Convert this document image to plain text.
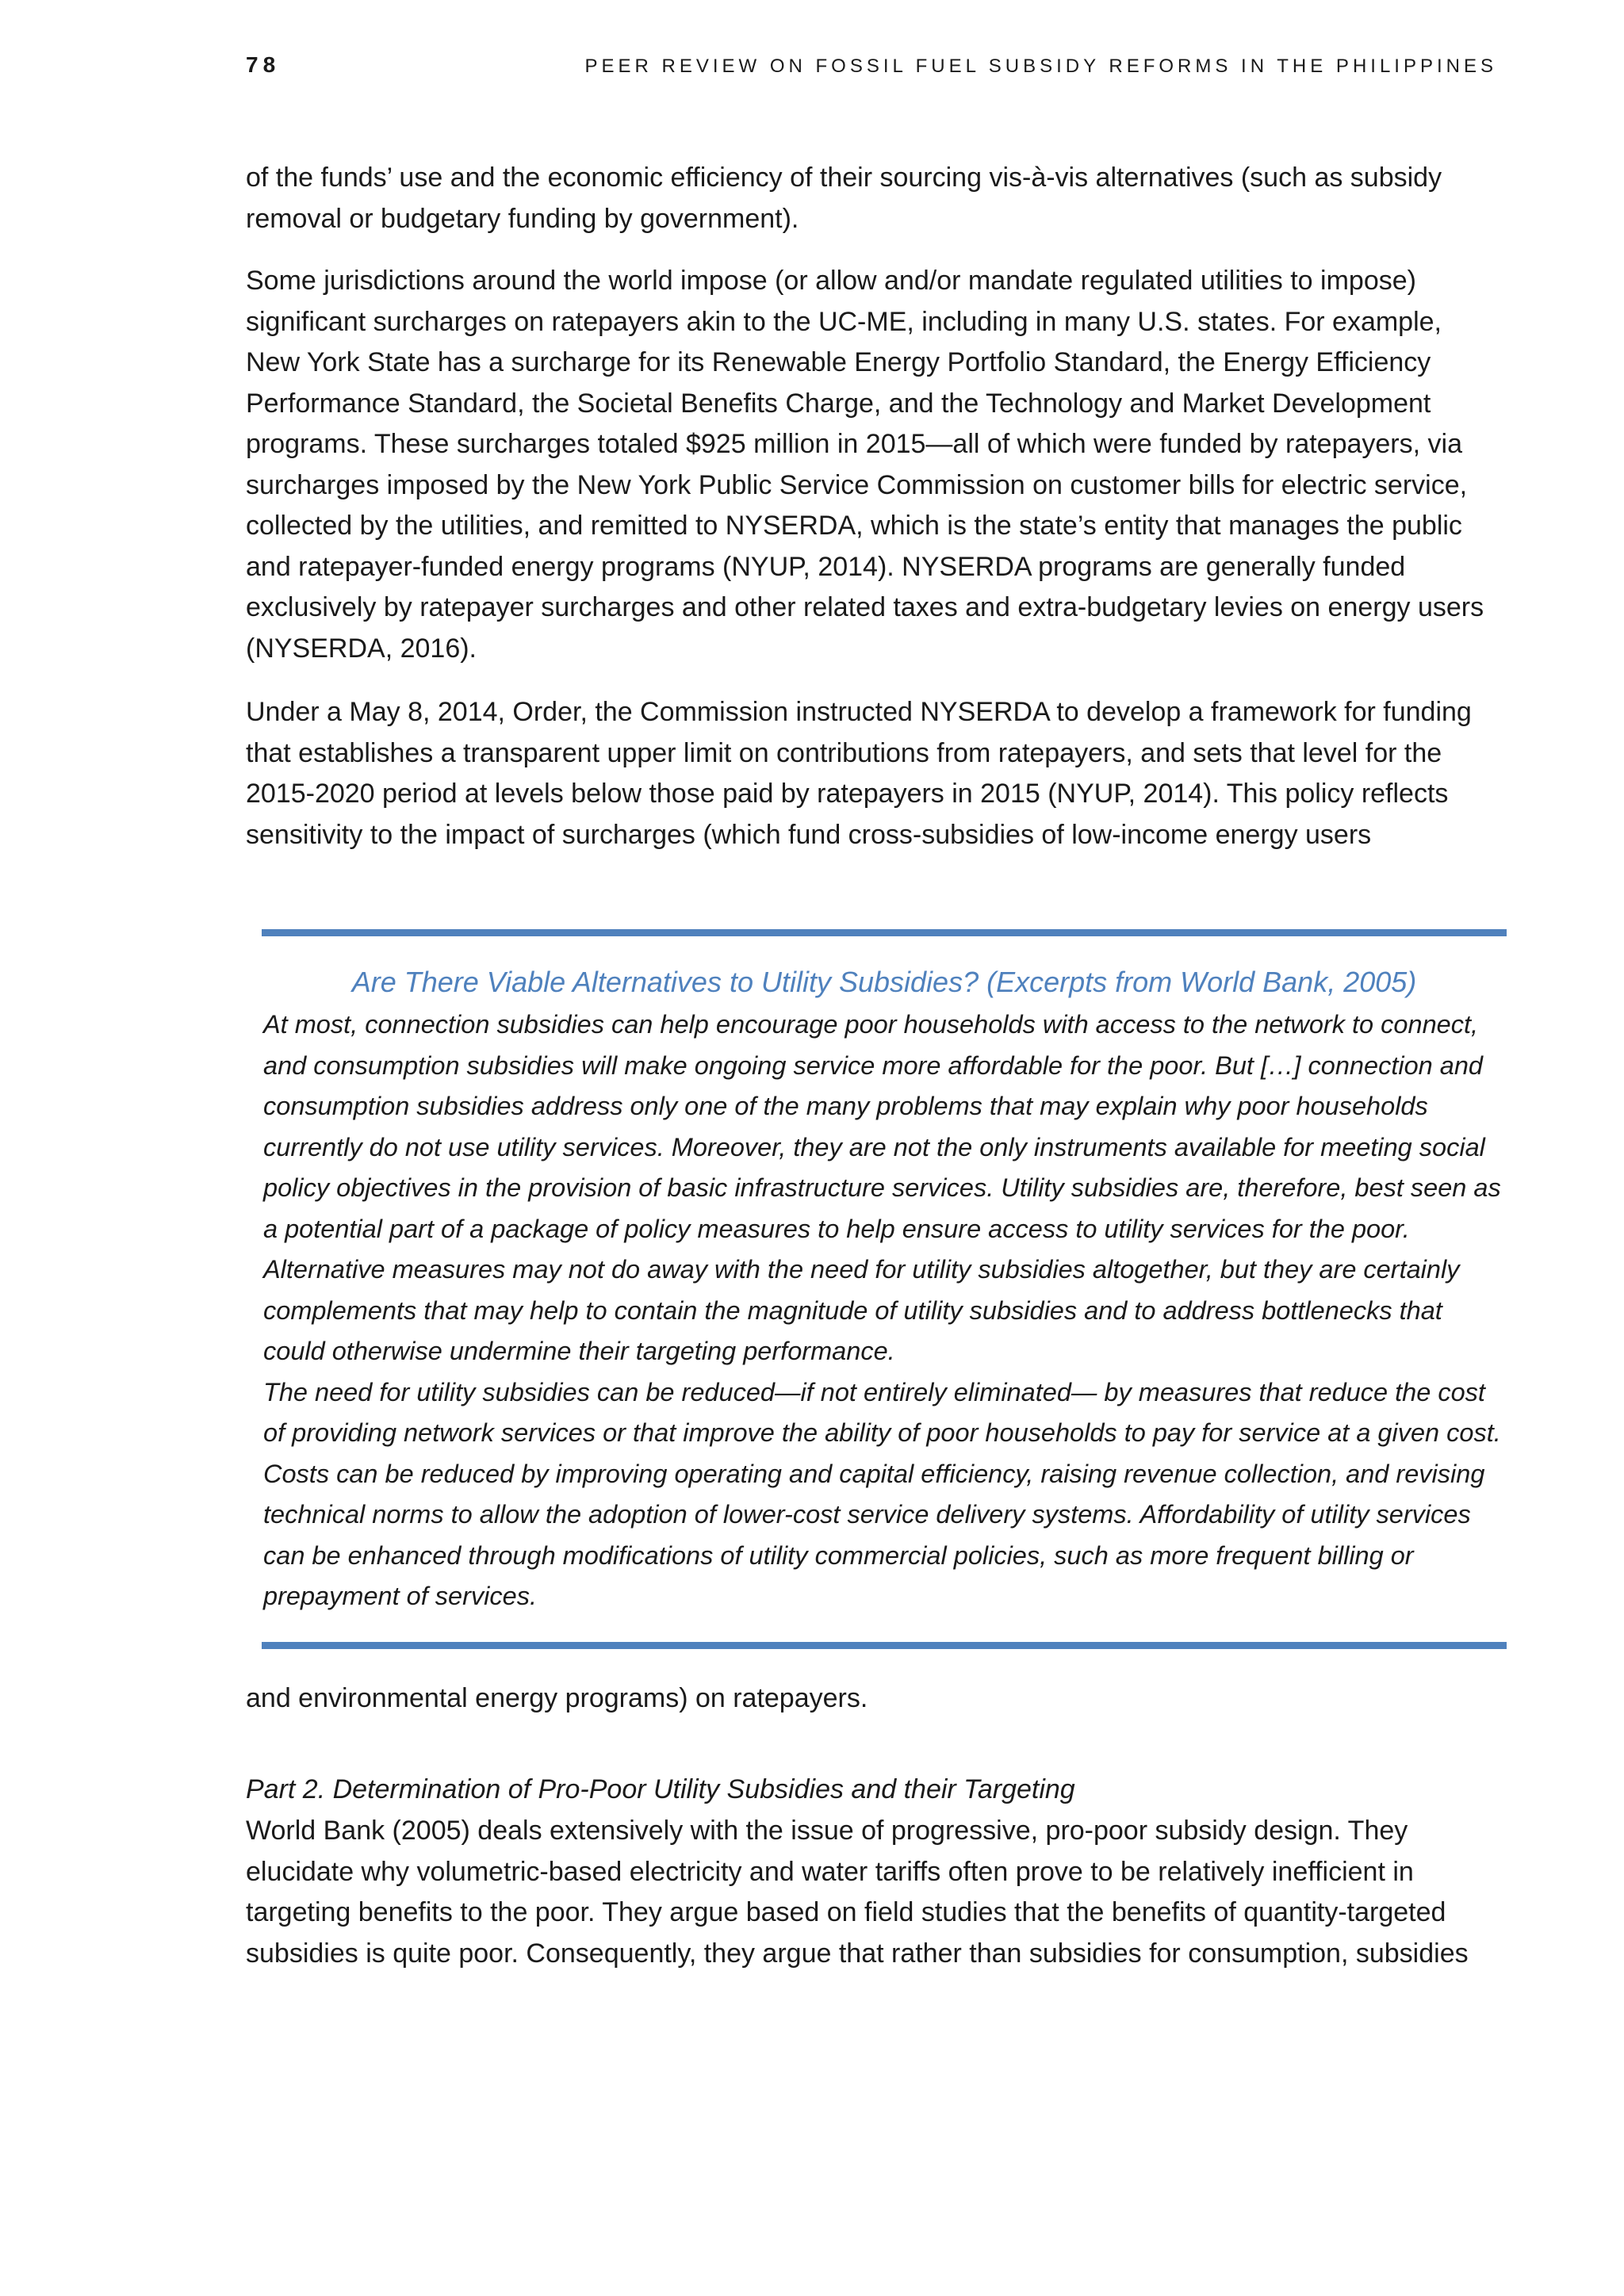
78	PEER REVIEW ON FOSSIL FUEL SUBSIDY REFORMS IN THE PHILIPPINES

of the funds’ use and the economic efficiency of their sourcing vis-à-vis alternatives (such as subsidy removal or budgetary funding by government).

Some jurisdictions around the world impose (or allow and/or mandate regulated utilities to impose) significant surcharges on ratepayers akin to the UC-ME, including in many U.S. states. For example, New York State has a surcharge for its Renewable Energy Portfolio Standard, the Energy Efficiency Performance Standard, the Societal Benefits Charge, and the Technology and Market Development programs. These surcharges totaled $925 million in 2015—all of which were funded by ratepayers, via surcharges imposed by the New York Public Service Commission on customer bills for electric service, collected by the utilities, and remitted to NYSERDA, which is the state’s entity that manages the public and ratepayer-funded energy programs (NYUP, 2014). NYSERDA programs are generally funded exclusively by ratepayer surcharges and other related taxes and extra-budgetary levies on energy users (NYSERDA, 2016).

Under a May 8, 2014, Order, the Commission instructed NYSERDA to develop a framework for funding that establishes a transparent upper limit on contributions from ratepayers, and sets that level for the 2015-2020 period at levels below those paid by ratepayers in 2015 (NYUP, 2014). This policy reflects sensitivity to the impact of surcharges (which fund cross-subsidies of low-income energy users

Are There Viable Alternatives to Utility Subsidies? (Excerpts from World Bank, 2005)

At most, connection subsidies can help encourage poor households with access to the network to connect, and consumption subsidies will make ongoing service more affordable for the poor. But […] connection and consumption subsidies address only one of the many problems that may explain why poor households currently do not use utility services. Moreover, they are not the only instruments available for meeting social policy objectives in the provision of basic infrastructure services. Utility subsidies are, therefore, best seen as a potential part of a package of policy measures to help ensure access to utility services for the poor. Alternative measures may not do away with the need for utility subsidies altogether, but they are certainly complements that may help to contain the magnitude of utility subsidies and to address bottlenecks that could otherwise undermine their targeting performance.

The need for utility subsidies can be reduced—if not entirely eliminated— by measures that reduce the cost of providing network services or that improve the ability of poor households to pay for service at a given cost. Costs can be reduced by improving operating and capital efficiency, raising revenue collection, and revising technical norms to allow the adoption of lower-cost service delivery systems. Affordability of utility services can be enhanced through modifications of utility commercial policies, such as more frequent billing or prepayment of services.

and environmental energy programs) on ratepayers.

Part 2. Determination of Pro-Poor Utility Subsidies and their Targeting

World Bank (2005) deals extensively with the issue of progressive, pro-poor subsidy design. They elucidate why volumetric-based electricity and water tariffs often prove to be relatively inefficient in targeting benefits to the poor. They argue based on field studies that the benefits of quantity-targeted subsidies is quite poor. Consequently, they argue that rather than subsidies for consumption, subsidies
